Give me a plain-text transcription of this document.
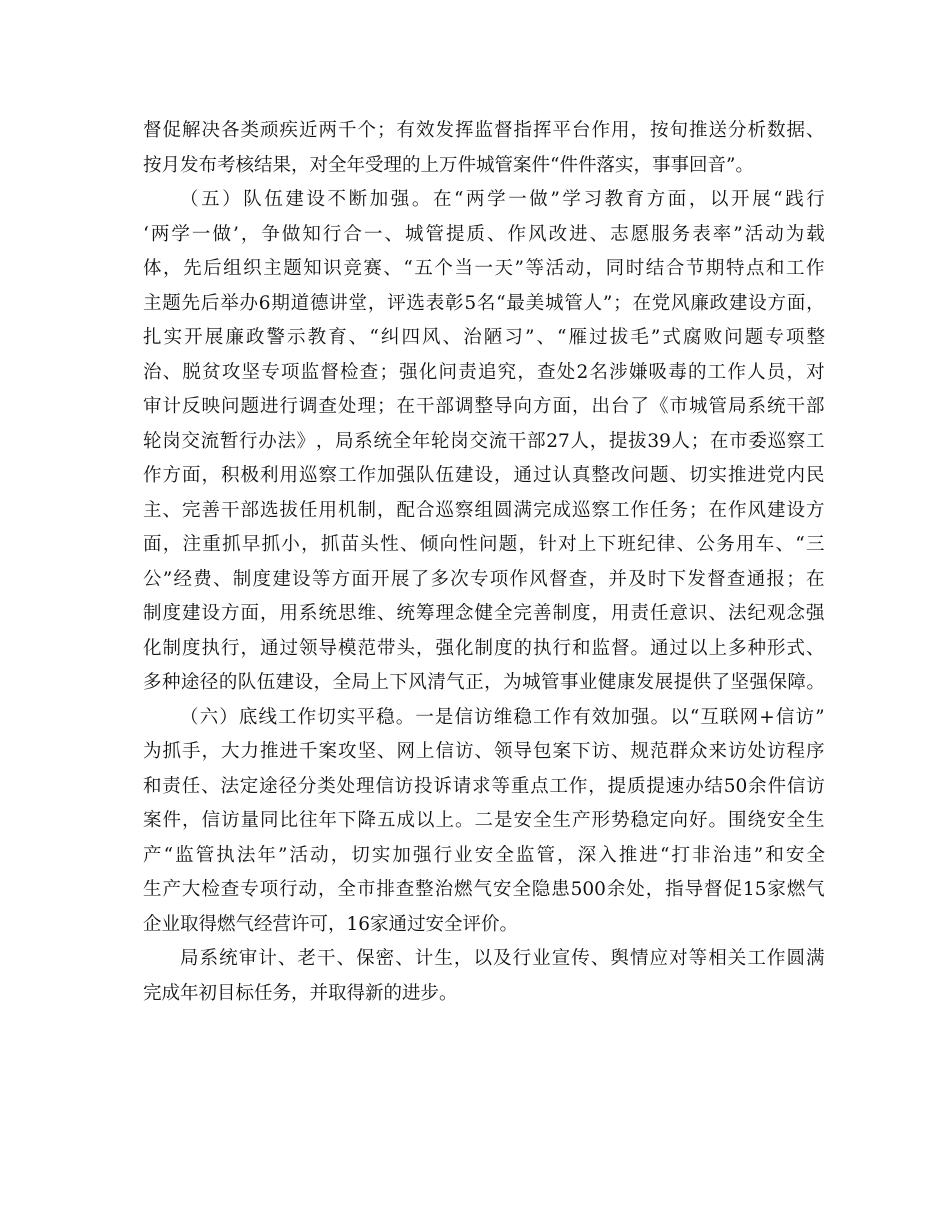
督 促 解 决 各 类 顽 疾 近 两 千 个 ； 有 效 发 挥 监 督 指 挥 平 台 作 用 ， 按 旬 推 送 分 析 数 据 、
按月发布考核结果，对全年受理的上万件城管案件“件件落实，事事回音”。
（ 五 ） 队 伍 建 设 不 断 加 强 。 在 “ 两 学 一 做 ” 学 习 教 育 方 面 ， 以 开 展 “ 践 行
‘ 两 学 一 做 ’ ， 争 做 知 行 合 一 、 城 管 提 质 、 作 风 改 进 、 志 愿 服 务 表 率 ” 活 动 为 载
体 ， 先 后 组 织 主 题 知 识 竞 赛 、 “ 五 个 当 一 天 ” 等 活 动 ， 同 时 结 合 节 期 特 点 和 工 作
主 题 先 后 举 办 6 期 道 德 讲 堂 ， 评 选 表 彰 5 名 “ 最 美 城 管 人 ” ； 在 党 风 廉 政 建 设 方 面 ，
扎 实 开 展 廉 政 警 示 教 育 、 “ 纠 四 风 、 治 陋 习 ” 、 “ 雁 过 拔 毛 ” 式 腐 败 问 题 专 项 整
治 、 脱 贫 攻 坚 专 项 监 督 检 查 ； 强 化 问 责 追 究 ， 查 处 2 名 涉 嫌 吸 毒 的 工 作 人 员 ， 对
审 计 反 映 问 题 进 行 调 查 处 理 ； 在 干 部 调 整 导 向 方 面 ， 出 台 了 《 市 城 管 局 系 统 干 部
轮 岗 交 流 暂 行 办 法 》 ， 局 系 统 全 年 轮 岗 交 流 干 部 27 人 ， 提 拔 39 人 ； 在 市 委 巡 察 工
作 方 面 ， 积 极 利 用 巡 察 工 作 加 强 队 伍 建 设 ， 通 过 认 真 整 改 问 题 、 切 实 推 进 党 内 民
主 、 完 善 干 部 选 拔 任 用 机 制 ， 配 合 巡 察 组 圆 满 完 成 巡 察 工 作 任 务 ； 在 作 风 建 设 方
面 ， 注 重 抓 早 抓 小 ， 抓 苗 头 性 、 倾 向 性 问 题 ， 针 对 上 下 班 纪 律 、 公 务 用 车 、 “ 三
公 ” 经 费 、 制 度 建 设 等 方 面 开 展 了 多 次 专 项 作 风 督 查 ， 并 及 时 下 发 督 查 通 报 ； 在
制 度 建 设 方 面 ， 用 系 统 思 维 、 统 筹 理 念 健 全 完 善 制 度 ， 用 责 任 意 识 、 法 纪 观 念 强
化 制 度 执 行 ， 通 过 领 导 模 范 带 头 ， 强 化 制 度 的 执 行 和 监 督 。 通 过 以 上 多 种 形 式 、
多 种 途 径 的 队 伍 建 设 ， 全 局 上 下 风 清 气 正 ， 为 城 管 事 业 健 康 发 展 提 供 了 坚 强 保 障 。
（ 六 ） 底 线 工 作 切 实 平 稳 。 一 是 信 访 维 稳 工 作 有 效 加 强 。 以 “ 互 联 网 + 信 访 ”
为 抓 手 ， 大 力 推 进 千 案 攻 坚 、 网 上 信 访 、 领 导 包 案 下 访 、 规 范 群 众 来 访 处 访 程 序
和 责 任 、 法 定 途 径 分 类 处 理 信 访 投 诉 请 求 等 重 点 工 作 ， 提 质 提 速 办 结 50 余 件 信 访
案 件 ， 信 访 量 同 比 往 年 下 降 五 成 以 上 。 二 是 安 全 生 产 形 势 稳 定 向 好 。 围 绕 安 全 生
产 “ 监 管 执 法 年 ” 活 动 ， 切 实 加 强 行 业 安 全 监 管 ， 深 入 推 进 “ 打 非 治 违 ” 和 安 全
生 产 大 检 查 专 项 行 动 ， 全 市 排 查 整 治 燃 气 安 全 隐 患 500 余 处 ， 指 导 督 促 15 家 燃 气
企业取得燃气经营许可，16家通过安全评价。
局 系 统 审 计 、 老 干 、 保 密 、 计 生 ， 以 及 行 业 宣 传 、 舆 情 应 对 等 相 关 工 作 圆 满
完成年初目标任务，并取得新的进步。
